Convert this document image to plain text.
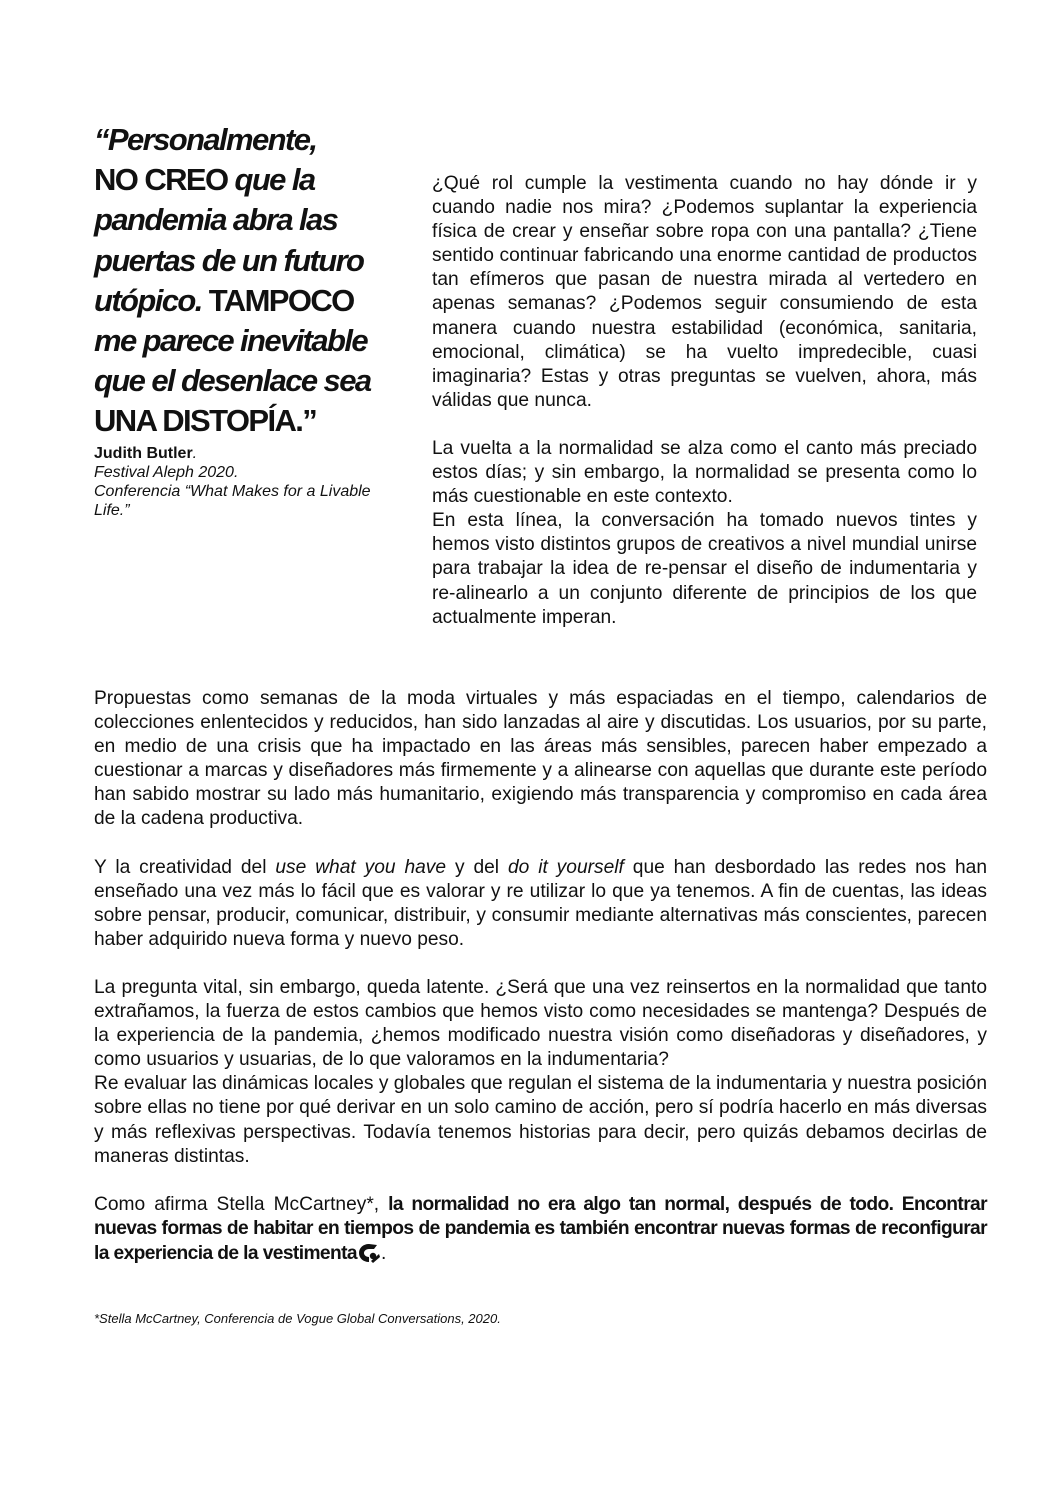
“Personalmente,
NO CREO que la pandemia abra las puertas de un futuro utópico. TAMPOCO me parece inevitable que el desenlace sea UNA DISTOPÍA.”

Judith Butler.
Festival Aleph 2020.
Conferencia “What Makes for a Livable Life.”

¿Qué rol cumple la vestimenta cuando no hay dónde ir y cuando nadie nos mira? ¿Podemos suplantar la experiencia física de crear y enseñar sobre ropa con una pantalla? ¿Tiene sentido continuar fabricando una enorme cantidad de productos tan efímeros que pasan de nuestra mirada al vertedero en apenas semanas? ¿Podemos seguir consumiendo de esta manera cuando nuestra estabilidad (económica, sanitaria, emocional, climática) se ha vuelto impredecible, cuasi imaginaria? Estas y otras preguntas se vuelven, ahora, más válidas que nunca.

La vuelta a la normalidad se alza como el canto más preciado estos días; y sin embargo, la normalidad se presenta como lo más cuestionable en este contexto.

En esta línea, la conversación ha tomado nuevos tintes y hemos visto distintos grupos de creativos a nivel mundial unirse para trabajar la idea de re-pensar el diseño de indumentaria y re-alinearlo a un conjunto diferente de principios de los que actualmente imperan.

Propuestas como semanas de la moda virtuales y más espaciadas en el tiempo, calendarios de colecciones enlentecidos y reducidos, han sido lanzadas al aire y discutidas. Los usuarios, por su parte, en medio de una crisis que ha impactado en las áreas más sensibles, parecen haber empezado a cuestionar a marcas y diseñadores más firmemente y a alinearse con aquellas que durante este período han sabido mostrar su lado más humanitario, exigiendo más transparencia y compromiso en cada área de la cadena productiva.

Y la creatividad del use what you have y del do it yourself que han desbordado las redes nos han enseñado una vez más lo fácil que es valorar y re utilizar lo que ya tenemos. A fin de cuentas, las ideas sobre pensar, producir, comunicar, distribuir, y consumir mediante alternativas más conscientes, parecen haber adquirido nueva forma y nuevo peso.

La pregunta vital, sin embargo, queda latente. ¿Será que una vez reinsertos en la normalidad que tanto extrañamos, la fuerza de estos cambios que hemos visto como necesidades se mantenga? Después de la experiencia de la pandemia, ¿hemos modificado nuestra visión como diseñadoras y diseñadores, y como usuarios y usuarias, de lo que valoramos en la indumentaria?

Re evaluar las dinámicas locales y globales que regulan el sistema de la indumentaria y nuestra posición sobre ellas no tiene por qué derivar en un solo camino de acción, pero sí podría hacerlo en más diversas y más reflexivas perspectivas. Todavía tenemos historias para decir, pero quizás debamos decirlas de maneras distintas.

Como afirma Stella McCartney*, la normalidad no era algo tan normal, después de todo. Encontrar nuevas formas de habitar en tiempos de pandemia es también encontrar nuevas formas de reconfigurar la experiencia de la vestimenta .

*Stella McCartney, Conferencia de Vogue Global Conversations, 2020.
